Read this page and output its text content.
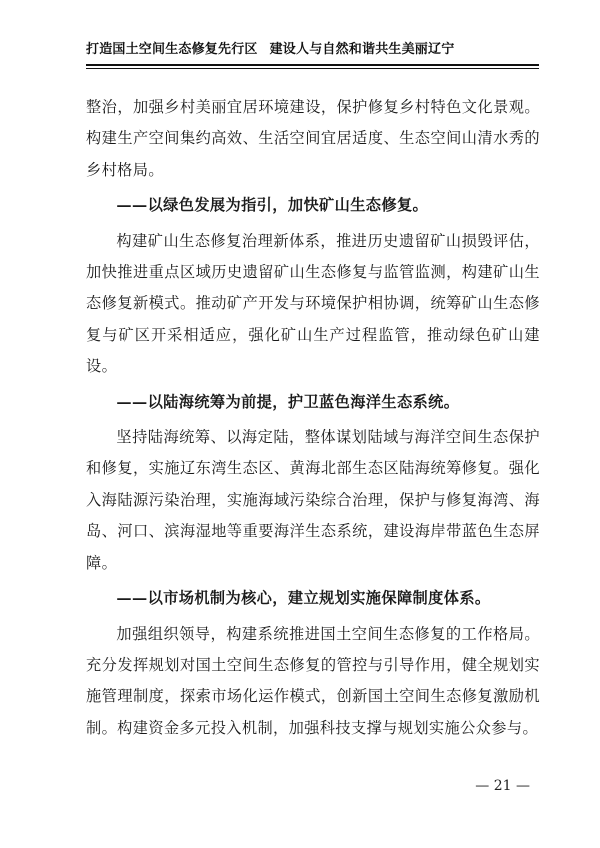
打造国土空间生态修复先行区 建设人与自然和谐共生美丽辽宁

整治，加强乡村美丽宜居环境建设，保护修复乡村特色文化景观。构建生产空间集约高效、生活空间宜居适度、生态空间山清水秀的乡村格局。

——以绿色发展为指引，加快矿山生态修复。

构建矿山生态修复治理新体系，推进历史遗留矿山损毁评估，加快推进重点区域历史遗留矿山生态修复与监管监测，构建矿山生态修复新模式。推动矿产开发与环境保护相协调，统筹矿山生态修复与矿区开采相适应，强化矿山生产过程监管，推动绿色矿山建设。

——以陆海统筹为前提，护卫蓝色海洋生态系统。

坚持陆海统筹、以海定陆，整体谋划陆域与海洋空间生态保护和修复，实施辽东湾生态区、黄海北部生态区陆海统筹修复。强化入海陆源污染治理，实施海域污染综合治理，保护与修复海湾、海岛、河口、滨海湿地等重要海洋生态系统，建设海岸带蓝色生态屏障。

——以市场机制为核心，建立规划实施保障制度体系。

加强组织领导，构建系统推进国土空间生态修复的工作格局。充分发挥规划对国土空间生态修复的管控与引导作用，健全规划实施管理制度，探索市场化运作模式，创新国土空间生态修复激励机制。构建资金多元投入机制，加强科技支撑与规划实施公众参与。

— 21 —
